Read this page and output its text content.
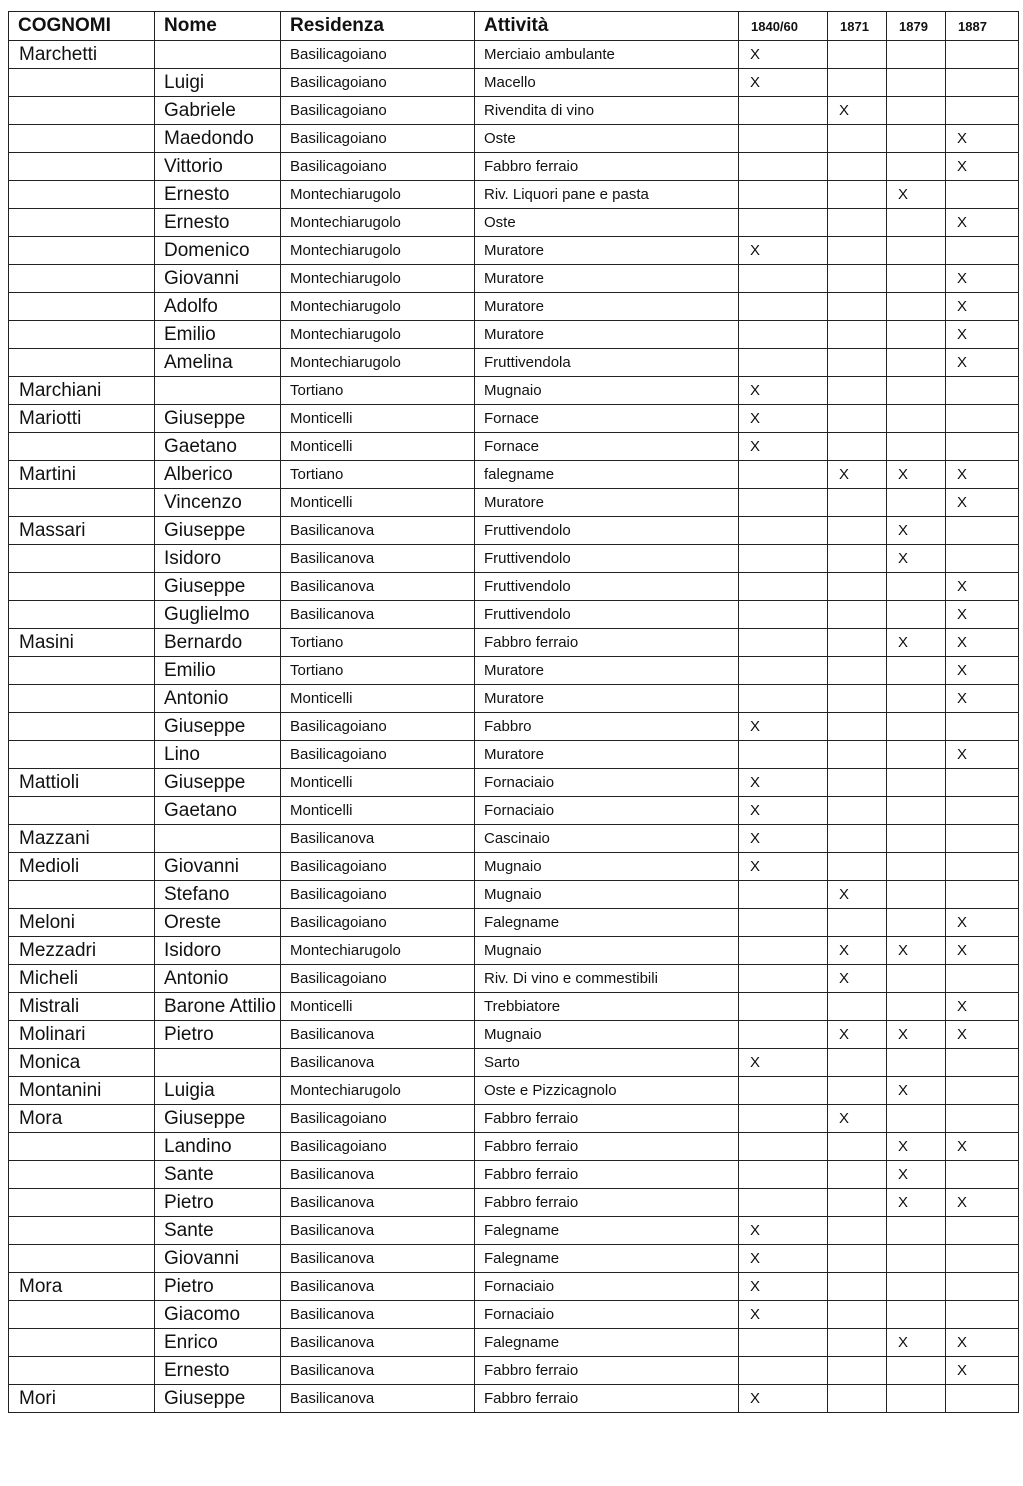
COGNOMI	Nome	Residenza	Attività	1840/60	1871	1879	1887
Marchetti		Basilicagoiano	Merciaio ambulante	X			
	Luigi	Basilicagoiano	Macello	X			
	Gabriele	Basilicagoiano	Rivendita di vino		X		
	Maedondo	Basilicagoiano	Oste				X
	Vittorio	Basilicagoiano	Fabbro ferraio				X
	Ernesto	Montechiarugolo	Riv. Liquori pane e pasta			X	
	Ernesto	Montechiarugolo	Oste				X
	Domenico	Montechiarugolo	Muratore	X			
	Giovanni	Montechiarugolo	Muratore				X
	Adolfo	Montechiarugolo	Muratore				X
	Emilio	Montechiarugolo	Muratore				X
	Amelina	Montechiarugolo	Fruttivendola				X
Marchiani		Tortiano	Mugnaio	X			
Mariotti	Giuseppe	Monticelli	Fornace	X			
	Gaetano	Monticelli	Fornace	X			
Martini	Alberico	Tortiano	falegname		X	X	X
	Vincenzo	Monticelli	Muratore				X
Massari	Giuseppe	Basilicanova	Fruttivendolo			X	
	Isidoro	Basilicanova	Fruttivendolo			X	
	Giuseppe	Basilicanova	Fruttivendolo				X
	Guglielmo	Basilicanova	Fruttivendolo				X
Masini	Bernardo	Tortiano	Fabbro ferraio			X	X
	Emilio	Tortiano	Muratore				X
	Antonio	Monticelli	Muratore				X
	Giuseppe	Basilicagoiano	Fabbro	X			
	Lino	Basilicagoiano	Muratore				X
Mattioli	Giuseppe	Monticelli	Fornaciaio	X			
	Gaetano	Monticelli	Fornaciaio	X			
Mazzani		Basilicanova	Cascinaio	X			
Medioli	Giovanni	Basilicagoiano	Mugnaio	X			
	Stefano	Basilicagoiano	Mugnaio		X		
Meloni	Oreste	Basilicagoiano	Falegname				X
Mezzadri	Isidoro	Montechiarugolo	Mugnaio		X	X	X
Micheli	Antonio	Basilicagoiano	Riv. Di vino e commestibili		X		
Mistrali	Barone Attilio	Monticelli	Trebbiatore				X
Molinari	Pietro	Basilicanova	Mugnaio		X	X	X
Monica		Basilicanova	Sarto	X			
Montanini	Luigia	Montechiarugolo	Oste e Pizzicagnolo			X	
Mora	Giuseppe	Basilicagoiano	Fabbro ferraio		X		
	Landino	Basilicagoiano	Fabbro ferraio			X	X
	Sante	Basilicanova	Fabbro ferraio			X	
	Pietro	Basilicanova	Fabbro ferraio			X	X
	Sante	Basilicanova	Falegname	X			
	Giovanni	Basilicanova	Falegname	X			
Mora	Pietro	Basilicanova	Fornaciaio	X			
	Giacomo	Basilicanova	Fornaciaio	X			
	Enrico	Basilicanova	Falegname			X	X
	Ernesto	Basilicanova	Fabbro ferraio				X
Mori	Giuseppe	Basilicanova	Fabbro ferraio	X			
